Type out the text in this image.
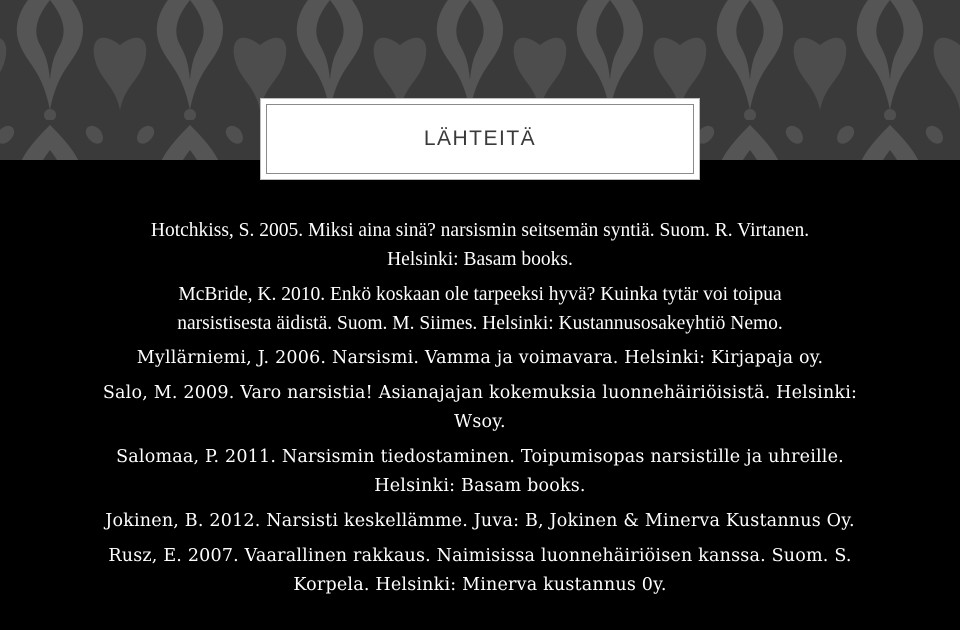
LÄHTEITÄ
Hotchkiss, S. 2005. Miksi aina sinä? narsismin seitsemän syntiä. Suom. R. Virtanen.
Helsinki: Basam books.
McBride, K. 2010. Enkö koskaan ole tarpeeksi hyvä? Kuinka tytär voi toipua
narsistisesta äidistä. Suom. M. Siimes. Helsinki: Kustannusosakeyhtiö Nemo.
Myllärniemi, J. 2006. Narsismi. Vamma ja voimavara. Helsinki: Kirjapaja oy.
Salo, M. 2009. Varo narsistia! Asianajajan kokemuksia luonnehäiriöisistä. Helsinki:
Wsoy.
Salomaa, P. 2011. Narsismin tiedostaminen. Toipumisopas narsistille ja uhreille.
Helsinki: Basam books.
Jokinen, B. 2012. Narsisti keskellämme. Juva: B, Jokinen & Minerva Kustannus Oy.
Rusz, E. 2007. Vaarallinen rakkaus. Naimisissa luonnehäiriöisen kanssa. Suom. S.
Korpela. Helsinki: Minerva kustannus 0y.
